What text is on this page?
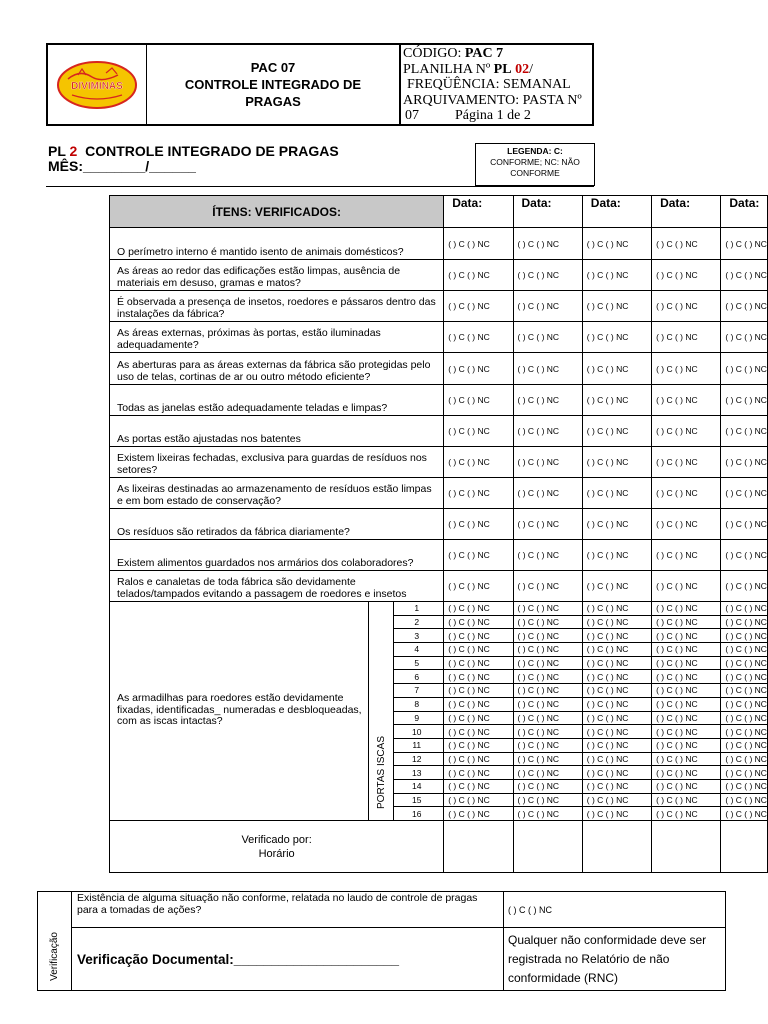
DIVIMINAS
PAC 07
CONTROLE INTEGRADO DE
PRAGAS
CÓDIGO: PAC 7
PLANILHA Nº PL 02/
FREQÜÊNCIA: SEMANAL
ARQUIVAMENTO: PASTA Nº
07	Página 1 de 2
PL 2 CONTROLE INTEGRADO DE PRAGAS
MÊS:________/______
LEGENDA: C:
CONFORME; NC: NÃO
CONFORME
ÍTENS: VERIFICADOS:			Data:	Data:	Data:	Data:	Data:
O perímetro interno é mantido isento de animais domésticos?			( ) C ( ) NC	( ) C ( ) NC	( ) C ( ) NC	( ) C ( ) NC	( ) C ( ) NC
As áreas ao redor das edificações estão limpas, ausência de materiais em desuso, gramas e matos?			( ) C ( ) NC	( ) C ( ) NC	( ) C ( ) NC	( ) C ( ) NC	( ) C ( ) NC
É observada a presença de insetos, roedores e pássaros dentro das instalações da fábrica?			( ) C ( ) NC	( ) C ( ) NC	( ) C ( ) NC	( ) C ( ) NC	( ) C ( ) NC
As áreas externas, próximas às portas, estão iluminadas adequadamente?			( ) C ( ) NC	( ) C ( ) NC	( ) C ( ) NC	( ) C ( ) NC	( ) C ( ) NC
As aberturas para as áreas externas da fábrica são protegidas pelo uso de telas, cortinas de ar ou outro método eficiente?			( ) C ( ) NC	( ) C ( ) NC	( ) C ( ) NC	( ) C ( ) NC	( ) C ( ) NC
Todas as janelas estão adequadamente teladas e limpas?			( ) C ( ) NC	( ) C ( ) NC	( ) C ( ) NC	( ) C ( ) NC	( ) C ( ) NC
As portas estão ajustadas nos batentes			( ) C ( ) NC	( ) C ( ) NC	( ) C ( ) NC	( ) C ( ) NC	( ) C ( ) NC
Existem lixeiras fechadas, exclusiva para guardas de resíduos nos setores?			( ) C ( ) NC	( ) C ( ) NC	( ) C ( ) NC	( ) C ( ) NC	( ) C ( ) NC
As lixeiras destinadas ao armazenamento de resíduos estão limpas e em bom estado de conservação?			( ) C ( ) NC	( ) C ( ) NC	( ) C ( ) NC	( ) C ( ) NC	( ) C ( ) NC
Os resíduos são retirados da fábrica diariamente?			( ) C ( ) NC	( ) C ( ) NC	( ) C ( ) NC	( ) C ( ) NC	( ) C ( ) NC
Existem alimentos guardados nos armários dos colaboradores?			( ) C ( ) NC	( ) C ( ) NC	( ) C ( ) NC	( ) C ( ) NC	( ) C ( ) NC
Ralos e canaletas de toda fábrica são devidamente telados/tampados evitando a passagem de roedores e insetos			( ) C ( ) NC	( ) C ( ) NC	( ) C ( ) NC	( ) C ( ) NC	( ) C ( ) NC
As armadilhas para roedores estão devidamente fixadas, identificadas_ numeradas e desbloqueadas, com as iscas intactas?	PORTAS ISCAS	1	( ) C ( ) NC	( ) C ( ) NC	( ) C ( ) NC	( ) C ( ) NC	( ) C ( ) NC
		2	( ) C ( ) NC	( ) C ( ) NC	( ) C ( ) NC	( ) C ( ) NC	( ) C ( ) NC
		3	( ) C ( ) NC	( ) C ( ) NC	( ) C ( ) NC	( ) C ( ) NC	( ) C ( ) NC
		4	( ) C ( ) NC	( ) C ( ) NC	( ) C ( ) NC	( ) C ( ) NC	( ) C ( ) NC
		5	( ) C ( ) NC	( ) C ( ) NC	( ) C ( ) NC	( ) C ( ) NC	( ) C ( ) NC
		6	( ) C ( ) NC	( ) C ( ) NC	( ) C ( ) NC	( ) C ( ) NC	( ) C ( ) NC
		7	( ) C ( ) NC	( ) C ( ) NC	( ) C ( ) NC	( ) C ( ) NC	( ) C ( ) NC
		8	( ) C ( ) NC	( ) C ( ) NC	( ) C ( ) NC	( ) C ( ) NC	( ) C ( ) NC
		9	( ) C ( ) NC	( ) C ( ) NC	( ) C ( ) NC	( ) C ( ) NC	( ) C ( ) NC
		10	( ) C ( ) NC	( ) C ( ) NC	( ) C ( ) NC	( ) C ( ) NC	( ) C ( ) NC
		11	( ) C ( ) NC	( ) C ( ) NC	( ) C ( ) NC	( ) C ( ) NC	( ) C ( ) NC
		12	( ) C ( ) NC	( ) C ( ) NC	( ) C ( ) NC	( ) C ( ) NC	( ) C ( ) NC
		13	( ) C ( ) NC	( ) C ( ) NC	( ) C ( ) NC	( ) C ( ) NC	( ) C ( ) NC
		14	( ) C ( ) NC	( ) C ( ) NC	( ) C ( ) NC	( ) C ( ) NC	( ) C ( ) NC
		15	( ) C ( ) NC	( ) C ( ) NC	( ) C ( ) NC	( ) C ( ) NC	( ) C ( ) NC
		16	( ) C ( ) NC	( ) C ( ) NC	( ) C ( ) NC	( ) C ( ) NC	( ) C ( ) NC

Verificado por:
Horário							

Verificação	Existência de alguma situação não conforme, relatada no laudo de controle de pragas para a tomadas de ações?	( ) C ( ) NC
	Verificação Documental:______________________	Qualquer não conformidade deve ser registrada no Relatório de não conformidade (RNC)
